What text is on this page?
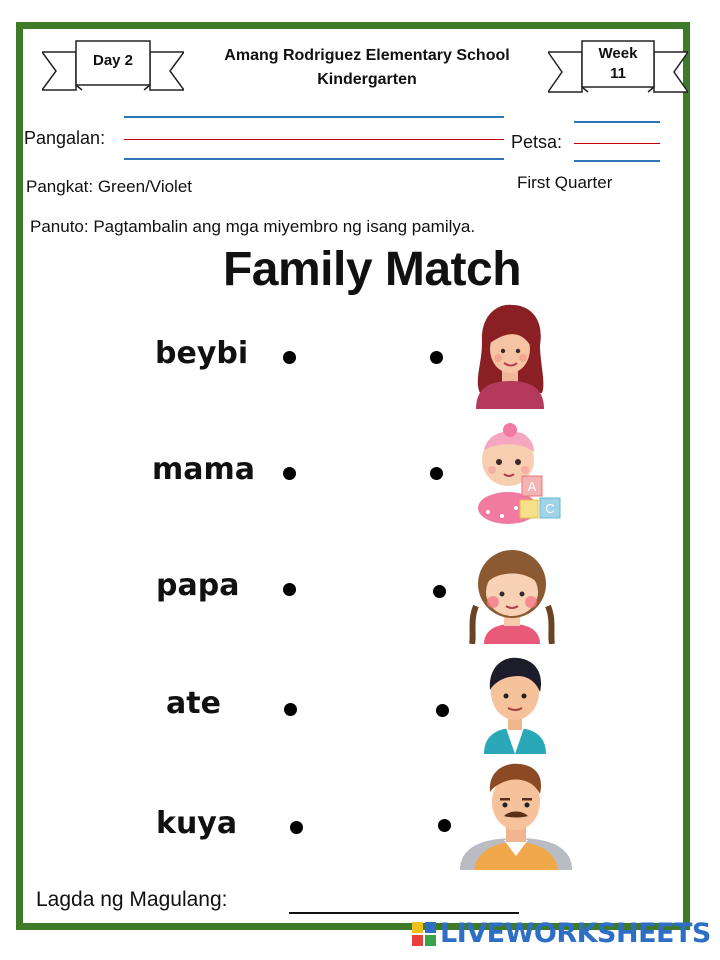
Day 2	Week
11
Amang Rodriguez Elementary School
Kindergarten
Pangalan:	Petsa:
Pangkat: Green/Violet	First Quarter
Panuto: Pagtambalin ang mga miyembro ng isang pamilya.
Family Match
beybi
mama
papa
ate
kuya
A
C
Lagda ng Magulang:
LIVEWORKSHEETS
